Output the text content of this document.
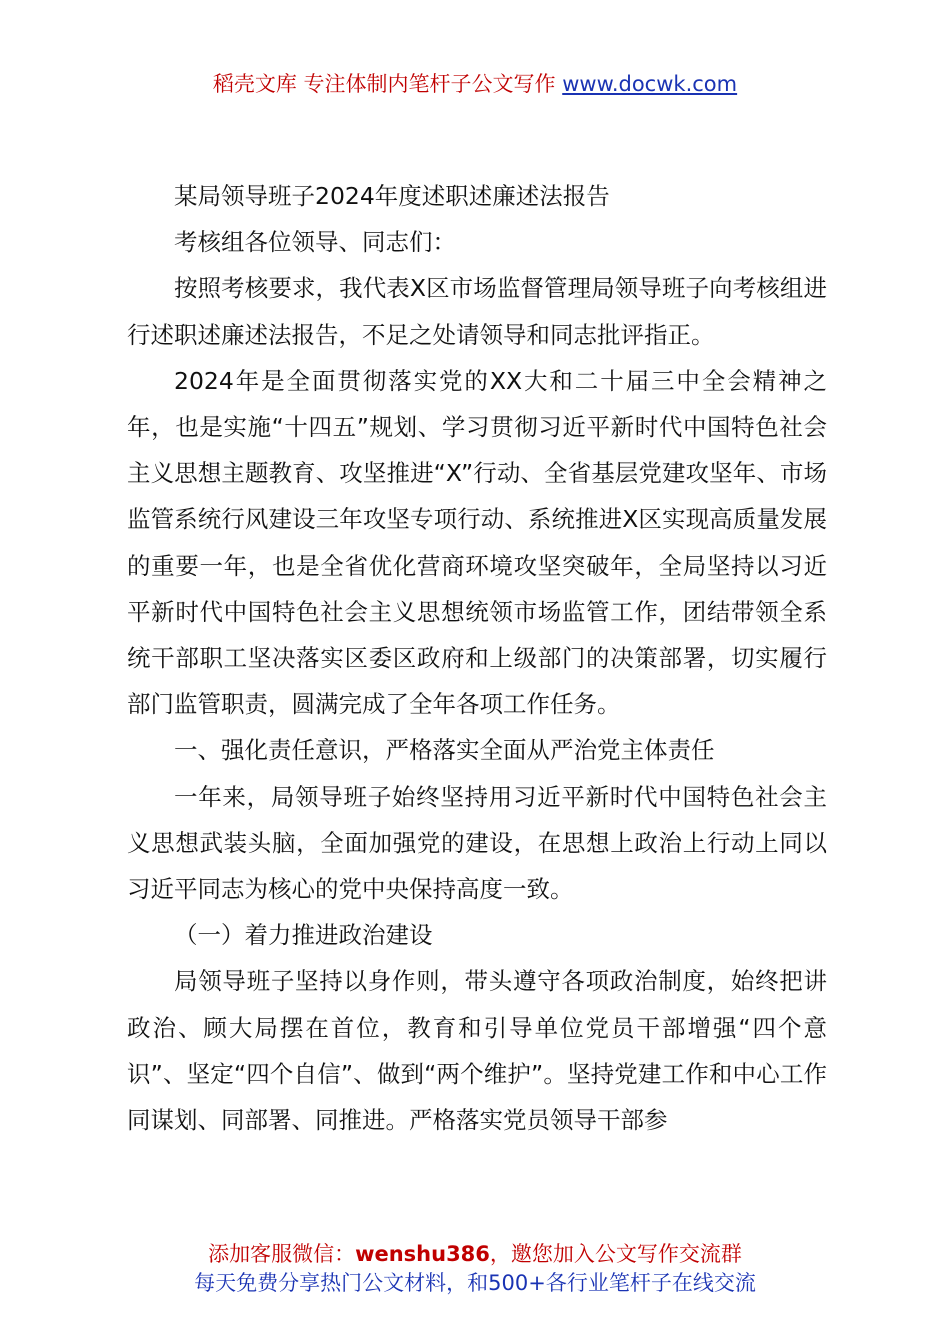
稻壳文库 专注体制内笔杆子公文写作 www.docwk.com

某局领导班子2024年度述职述廉述法报告

考核组各位领导、同志们：

按照考核要求，我代表X区市场监督管理局领导班子向考核组进行述职述廉述法报告，不足之处请领导和同志批评指正。

2024年是全面贯彻落实党的XX大和二十届三中全会精神之年，也是实施“十四五”规划、学习贯彻习近平新时代中国特色社会主义思想主题教育、攻坚推进“X”行动、全省基层党建攻坚年、市场监管系统行风建设三年攻坚专项行动、系统推进X区实现高质量发展的重要一年，也是全省优化营商环境攻坚突破年，全局坚持以习近平新时代中国特色社会主义思想统领市场监管工作，团结带领全系统干部职工坚决落实区委区政府和上级部门的决策部署，切实履行部门监管职责，圆满完成了全年各项工作任务。

一、强化责任意识，严格落实全面从严治党主体责任

一年来，局领导班子始终坚持用习近平新时代中国特色社会主义思想武装头脑，全面加强党的建设，在思想上政治上行动上同以习近平同志为核心的党中央保持高度一致。

（一）着力推进政治建设

局领导班子坚持以身作则，带头遵守各项政治制度，始终把讲政治、顾大局摆在首位，教育和引导单位党员干部增强“四个意识”、坚定“四个自信”、做到“两个维护”。坚持党建工作和中心工作同谋划、同部署、同推进。严格落实党员领导干部参

添加客服微信：wenshu386，邀您加入公文写作交流群
每天免费分享热门公文材料，和500+各行业笔杆子在线交流
